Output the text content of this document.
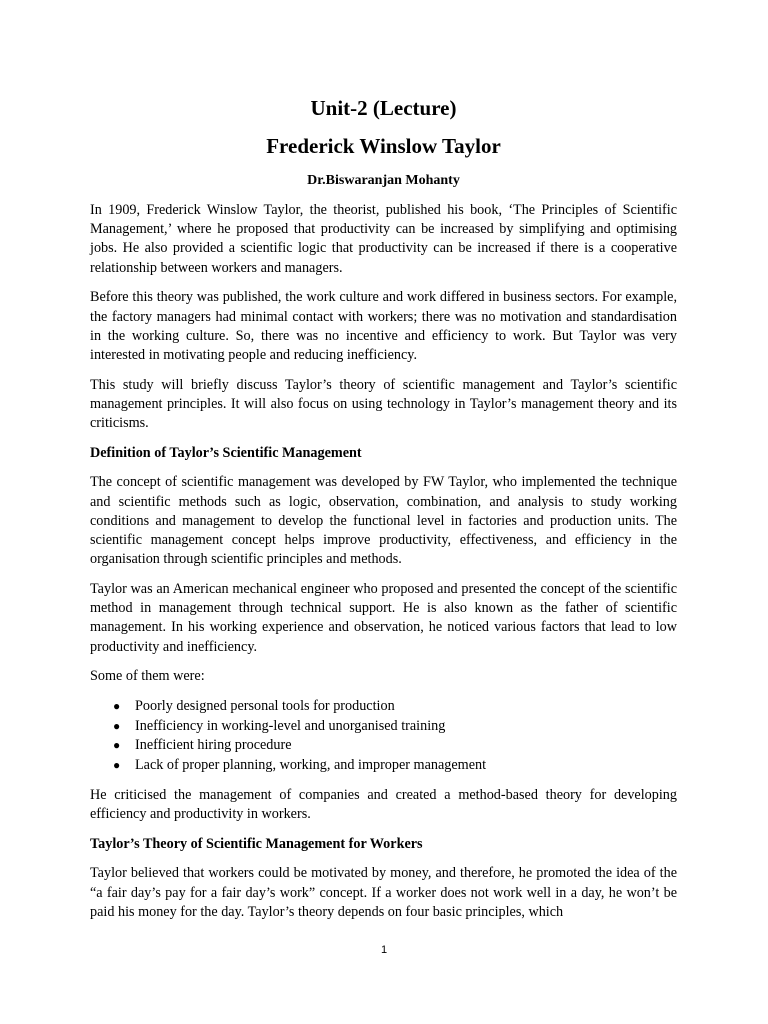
Unit-2 (Lecture)
Frederick Winslow Taylor
Dr.Biswaranjan Mohanty

In 1909, Frederick Winslow Taylor, the theorist, published his book, ‘The Principles of Scientific Management,’ where he proposed that productivity can be increased by simplifying and optimising jobs. He also provided a scientific logic that productivity can be increased if there is a cooperative relationship between workers and managers.

Before this theory was published, the work culture and work differed in business sectors. For example, the factory managers had minimal contact with workers; there was no motivation and standardisation in the working culture. So, there was no incentive and efficiency to work. But Taylor was very interested in motivating people and reducing inefficiency.

This study will briefly discuss Taylor’s theory of scientific management and Taylor’s scientific management principles. It will also focus on using technology in Taylor’s management theory and its criticisms.

Definition of Taylor’s Scientific Management

The concept of scientific management was developed by FW Taylor, who implemented the technique and scientific methods such as logic, observation, combination, and analysis to study working conditions and management to develop the functional level in factories and production units. The scientific management concept helps improve productivity, effectiveness, and efficiency in the organisation through scientific principles and methods.

Taylor was an American mechanical engineer who proposed and presented the concept of the scientific method in management through technical support. He is also known as the father of scientific management. In his working experience and observation, he noticed various factors that lead to low productivity and inefficiency.

Some of them were:

● Poorly designed personal tools for production
● Inefficiency in working-level and unorganised training
● Inefficient hiring procedure
● Lack of proper planning, working, and improper management

He criticised the management of companies and created a method-based theory for developing efficiency and productivity in workers.

Taylor’s Theory of Scientific Management for Workers

Taylor believed that workers could be motivated by money, and therefore, he promoted the idea of the “a fair day’s pay for a fair day’s work” concept. If a worker does not work well in a day, he won’t be paid his money for the day. Taylor’s theory depends on four basic principles, which

1
